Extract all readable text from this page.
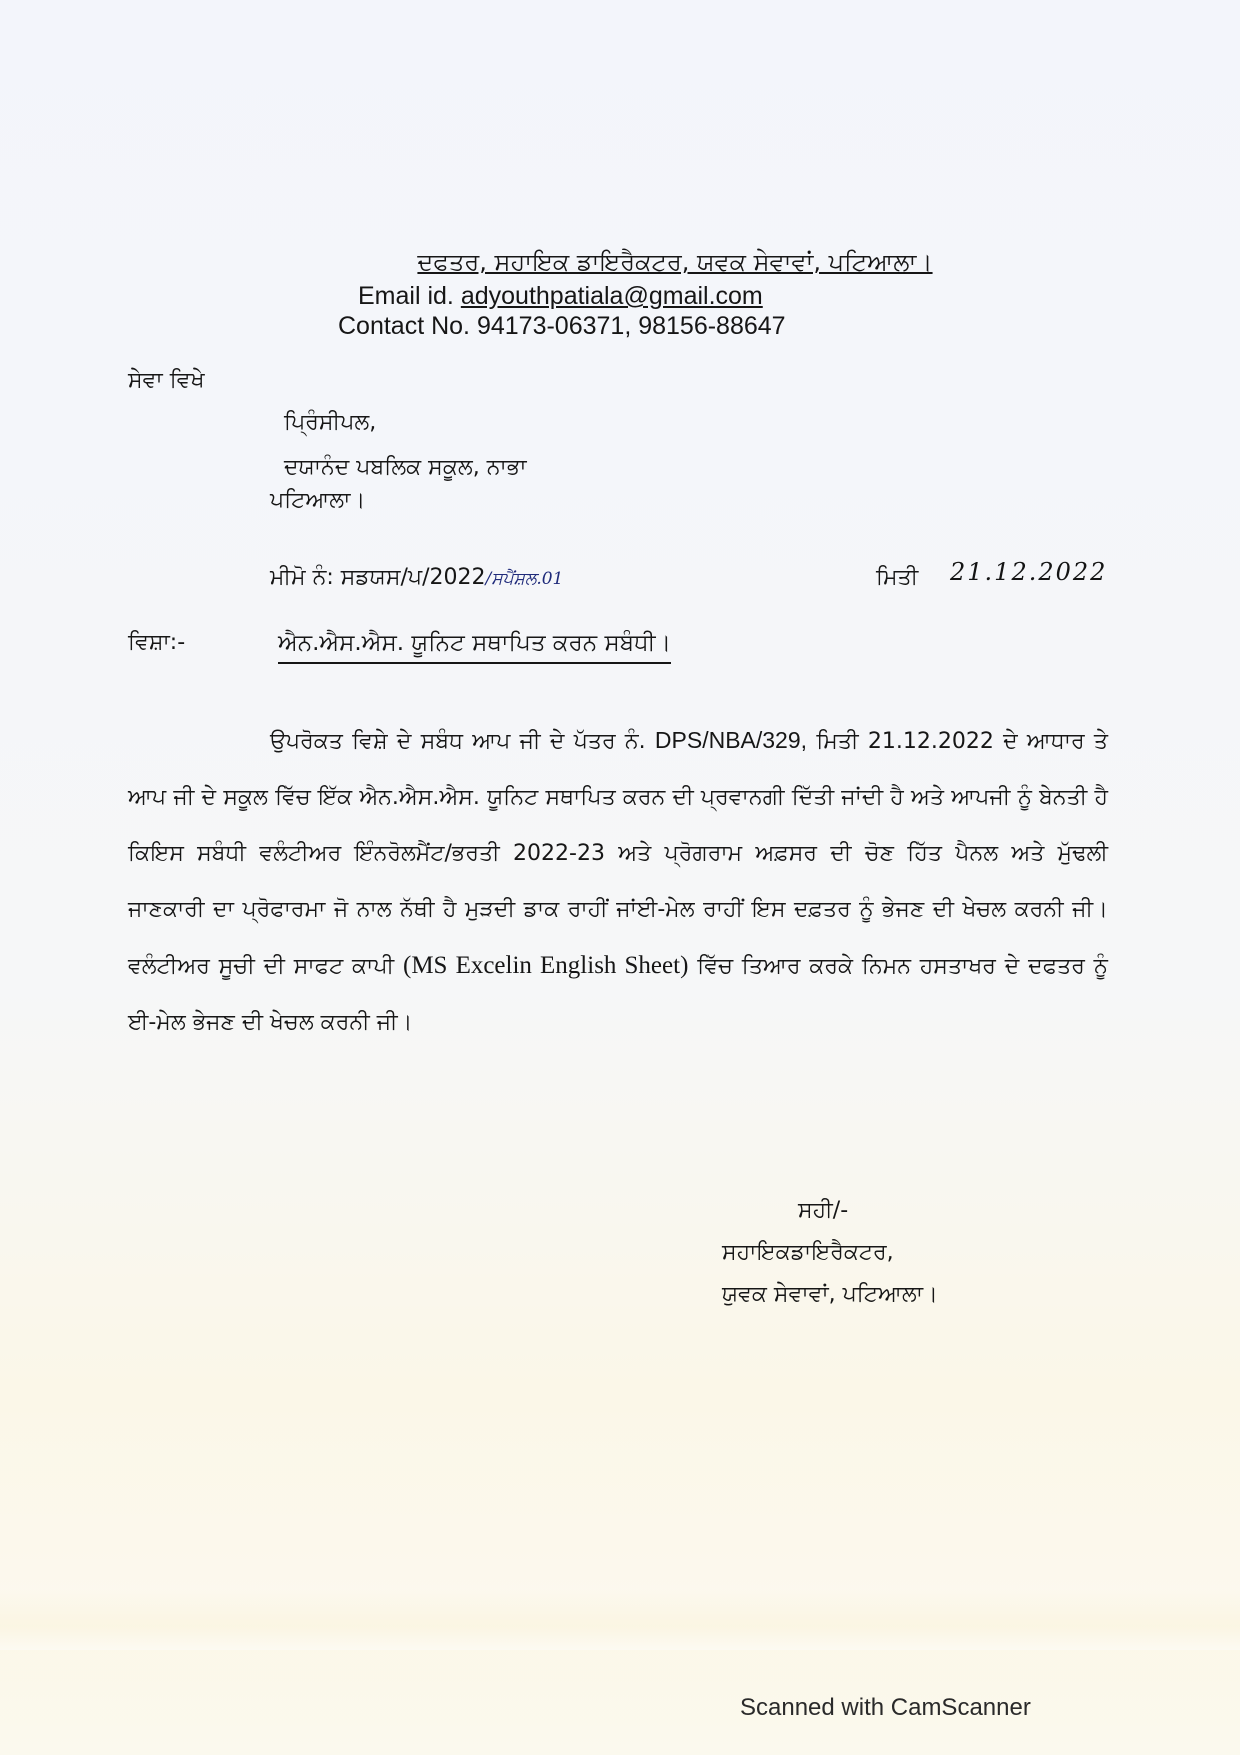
ਦਫਤਰ, ਸਹਾਇਕ ਡਾਇਰੈਕਟਰ, ਯਵਕ ਸੇਵਾਵਾਂ, ਪਟਿਆਲਾ।
Email id. adyouthpatiala@gmail.com
Contact No. 94173-06371, 98156-88647
ਸੇਵਾ ਵਿਖੇ
ਪ੍ਰਿੰਸੀਪਲ,
ਦਯਾਨੰਦ ਪਬਲਿਕ ਸਕੂਲ, ਨਾਭਾ
ਪਟਿਆਲਾ।
ਮੀਮੋ ਨੰ: ਸਡਯਸ/ਪ/2022/ਸਪੈਂਸ਼ਲ.01	ਮਿਤੀ 21.12.2022
ਵਿਸ਼ਾ:-	ਐਨ.ਐਸ.ਐਸ. ਯੂਨਿਟ ਸਥਾਪਿਤ ਕਰਨ ਸਬੰਧੀ।
ਉਪਰੋਕਤ ਵਿਸ਼ੇ ਦੇ ਸਬੰਧ ਆਪ ਜੀ ਦੇ ਪੱਤਰ ਨੰ. DPS/NBA/329, ਮਿਤੀ 21.12.2022 ਦੇ ਆਧਾਰ ਤੇ ਆਪ ਜੀ ਦੇ ਸਕੂਲ ਵਿੱਚ ਇੱਕ ਐਨ.ਐਸ.ਐਸ. ਯੂਨਿਟ ਸਥਾਪਿਤ ਕਰਨ ਦੀ ਪ੍ਰਵਾਨਗੀ ਦਿੱਤੀ ਜਾਂਦੀ ਹੈ ਅਤੇ ਆਪਜੀ ਨੂੰ ਬੇਨਤੀ ਹੈ ਕਿਇਸ ਸਬੰਧੀ ਵਲੰਟੀਅਰ ਇੰਨਰੋਲਮੈਂਟ/ਭਰਤੀ 2022-23 ਅਤੇ ਪ੍ਰੋਗਰਾਮ ਅਫ਼ਸਰ ਦੀ ਚੋਣ ਹਿੱਤ ਪੈਨਲ ਅਤੇ ਮੁੱਢਲੀ ਜਾਣਕਾਰੀ ਦਾ ਪ੍ਰੋਫਾਰਮਾ ਜੋ ਨਾਲ ਨੱਥੀ ਹੈ ਮੁੜਦੀ ਡਾਕ ਰਾਹੀਂ ਜਾਂਈ-ਮੇਲ ਰਾਹੀਂ ਇਸ ਦਫ਼ਤਰ ਨੂੰ ਭੇਜਣ ਦੀ ਖੇਚਲ ਕਰਨੀ ਜੀ। ਵਲੰਟੀਅਰ ਸੂਚੀ ਦੀ ਸਾਫਟ ਕਾਪੀ (MS Excelin English Sheet) ਵਿੱਚ ਤਿਆਰ ਕਰਕੇ ਨਿਮਨ ਹਸਤਾਖਰ ਦੇ ਦਫਤਰ ਨੂੰ ਈ-ਮੇਲ ਭੇਜਣ ਦੀ ਖੇਚਲ ਕਰਨੀ ਜੀ।
ਸਹੀ/-
ਸਹਾਇਕਡਾਇਰੈਕਟਰ,
ਯੁਵਕ ਸੇਵਾਵਾਂ, ਪਟਿਆਲਾ।
Scanned with CamScanner
